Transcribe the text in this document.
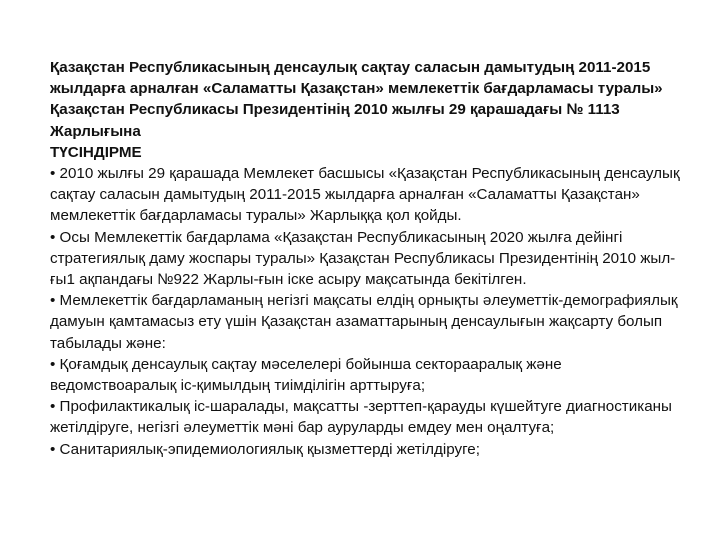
Қазақстан Республикасының денсаулық сақтау саласын дамытудың 2011-2015 жылдарға арналған «Саламатты Қазақстан» мемлекеттік бағдарламасы туралы» Қазақстан Республикасы Президентінің 2010 жылғы 29 қарашадағы № 1113 Жарлығына

ТҮСІНДІРМЕ

• 2010 жылғы 29 қарашада Мемлекет басшысы «Қазақстан Республикасының денсаулық сақтау саласын дамытудың 2011-2015 жылдарға арналған «Саламатты Қазақстан» мемлекеттік бағдарламасы туралы» Жарлыққа қол қойды.
• Осы Мемлекеттік бағдарлама «Қазақстан Республикасының 2020 жылға дейінгі стратегиялық даму жоспары туралы» Қазақстан Республикасы Президентінің 2010 жыл-ғы1 ақпандағы №922 Жарлы-ғын іске асыру мақсатында бекітілген.
• Мемлекеттік бағдарламаның негізгі мақсаты елдің орнықты әлеуметтік-демографиялық дамуын қамтамасыз ету үшін Қазақстан азаматтарының денсаулығын жақсарту болып табылады және:
• Қоғамдық денсаулық сақтау мәселелері бойынша секторааралық және ведомствоаралық іс-қимылдың тиімділігін арттыруға;
• Профилактикалық іс-шаралады, мақсатты -зерттеп-қарауды күшейтуге диагностиканы жетілдіруге, негізгі әлеуметтік мәні бар ауруларды емдеу мен оңалтуға;
• Санитариялық-эпидемиологиялық қызметтерді жетілдіруге;
